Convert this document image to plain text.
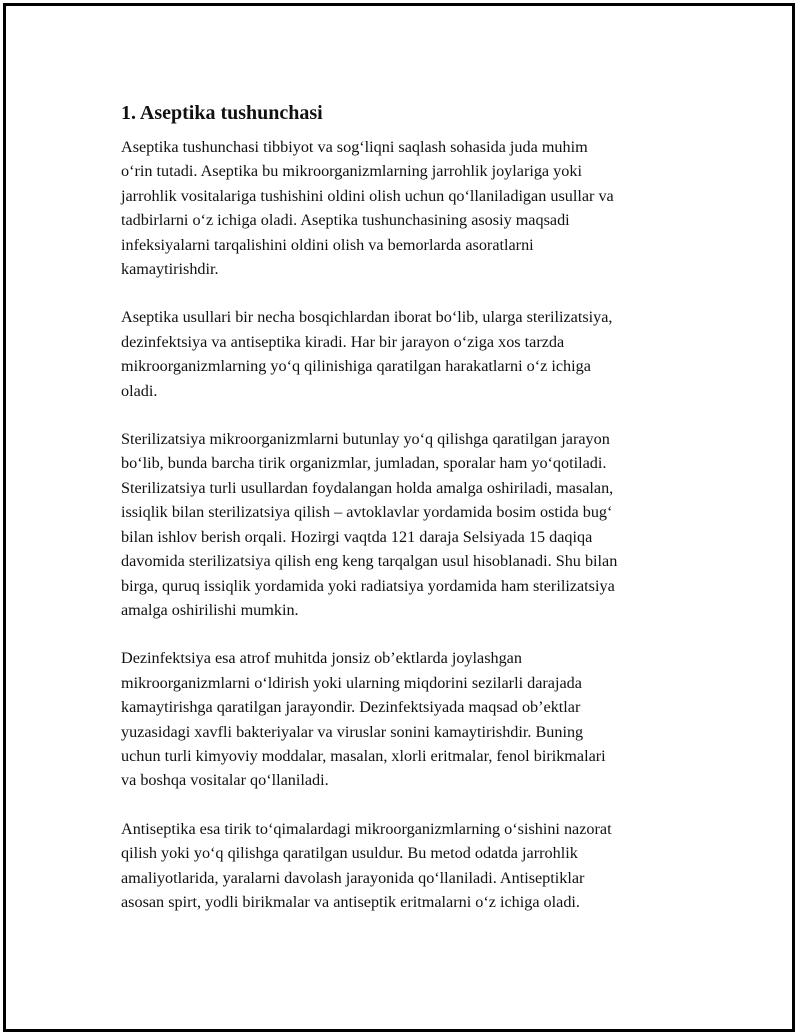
1. Aseptika tushunchasi

Aseptika tushunchasi tibbiyot va sog‘liqni saqlash sohasida juda muhim
o‘rin tutadi. Aseptika bu mikroorganizmlarning jarrohlik joylariga yoki
jarrohlik vositalariga tushishini oldini olish uchun qo‘llaniladigan usullar va
tadbirlarni o‘z ichiga oladi. Aseptika tushunchasining asosiy maqsadi
infeksiyalarni tarqalishini oldini olish va bemorlarda asoratlarni
kamaytirishdir.

Aseptika usullari bir necha bosqichlardan iborat bo‘lib, ularga sterilizatsiya,
dezinfektsiya va antiseptika kiradi. Har bir jarayon o‘ziga xos tarzda
mikroorganizmlarning yo‘q qilinishiga qaratilgan harakatlarni o‘z ichiga
oladi.

Sterilizatsiya mikroorganizmlarni butunlay yo‘q qilishga qaratilgan jarayon
bo‘lib, bunda barcha tirik organizmlar, jumladan, sporalar ham yo‘qotiladi.
Sterilizatsiya turli usullardan foydalangan holda amalga oshiriladi, masalan,
issiqlik bilan sterilizatsiya qilish – avtoklavlar yordamida bosim ostida bug‘
bilan ishlov berish orqali. Hozirgi vaqtda 121 daraja Selsiyada 15 daqiqa
davomida sterilizatsiya qilish eng keng tarqalgan usul hisoblanadi. Shu bilan
birga, quruq issiqlik yordamida yoki radiatsiya yordamida ham sterilizatsiya
amalga oshirilishi mumkin.

Dezinfektsiya esa atrof muhitda jonsiz ob’ektlarda joylashgan
mikroorganizmlarni o‘ldirish yoki ularning miqdorini sezilarli darajada
kamaytirishga qaratilgan jarayondir. Dezinfektsiyada maqsad ob’ektlar
yuzasidagi xavfli bakteriyalar va viruslar sonini kamaytirishdir. Buning
uchun turli kimyoviy moddalar, masalan, xlorli eritmalar, fenol birikmalari
va boshqa vositalar qo‘llaniladi.

Antiseptika esa tirik to‘qimalardagi mikroorganizmlarning o‘sishini nazorat
qilish yoki yo‘q qilishga qaratilgan usuldur. Bu metod odatda jarrohlik
amaliyotlarida, yaralarni davolash jarayonida qo‘llaniladi. Antiseptiklar
asosan spirt, yodli birikmalar va antiseptik eritmalarni o‘z ichiga oladi.
